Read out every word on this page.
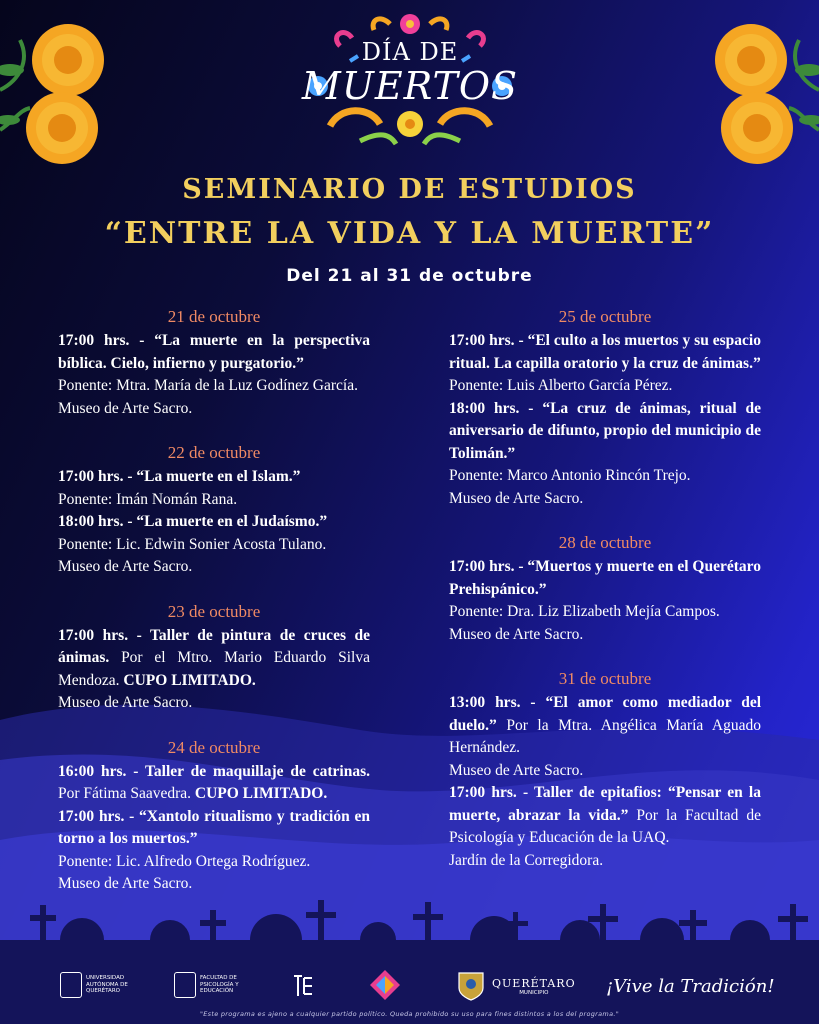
DÍA DE
MUERTOS
SEMINARIO DE ESTUDIOS
“ENTRE LA VIDA Y LA MUERTE”
Del 21 al 31 de octubre
21 de octubre
17:00 hrs. - “La muerte en la perspectiva bíblica. Cielo, infierno y purgatorio.”
Ponente: Mtra. María de la Luz Godínez García.
Museo de Arte Sacro.
22 de octubre
17:00 hrs. - “La muerte en el Islam.”
Ponente: Imán Nomán Rana.
18:00 hrs. - “La muerte en el Judaísmo.”
Ponente: Lic. Edwin Sonier Acosta Tulano.
Museo de Arte Sacro.
23 de octubre
17:00 hrs. - Taller de pintura de cruces de ánimas. Por el Mtro. Mario Eduardo Silva Mendoza. CUPO LIMITADO.
Museo de Arte Sacro.
24 de octubre
16:00 hrs. - Taller de maquillaje de catrinas. Por Fátima Saavedra. CUPO LIMITADO.
17:00 hrs. - “Xantolo ritualismo y tradición en torno a los muertos.”
Ponente: Lic. Alfredo Ortega Rodríguez.
Museo de Arte Sacro.
25 de octubre
17:00 hrs. - “El culto a los muertos y su espacio ritual. La capilla oratorio y la cruz de ánimas.”
Ponente: Luis Alberto García Pérez.
18:00 hrs. - “La cruz de ánimas, ritual de aniversario de difunto, propio del municipio de Tolimán.”
Ponente: Marco Antonio Rincón Trejo.
Museo de Arte Sacro.
28 de octubre
17:00 hrs. - “Muertos y muerte en el Querétaro Prehispánico.”
Ponente: Dra. Liz Elizabeth Mejía Campos.
Museo de Arte Sacro.
31 de octubre
13:00 hrs. - “El amor como mediador del duelo.” Por la Mtra. Angélica María Aguado Hernández.
Museo de Arte Sacro.
17:00 hrs. - Taller de epitafios: “Pensar en la muerte, abrazar la vida.” Por la Facultad de Psicología y Educación de la UAQ.
Jardín de la Corregidora.
UNIVERSIDAD AUTÓNOMA DE QUERÉTARO
FACULTAD DE PSICOLOGÍA Y EDUCACIÓN
QUERÉTARO
MUNICIPIO	¡Vive la Tradición!
"Este programa es ajeno a cualquier partido político. Queda prohibido su uso para fines distintos a los del programa."
